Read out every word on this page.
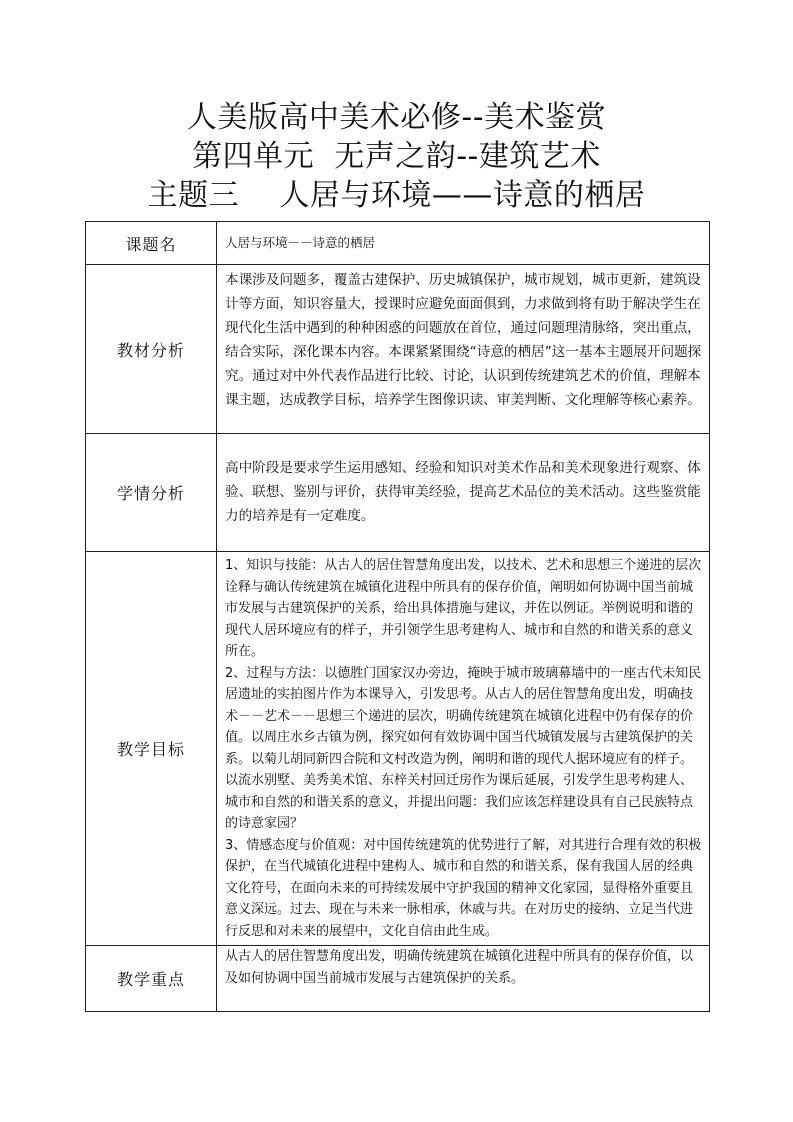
人美版高中美术必修--美术鉴赏
第四单元  无声之韵--建筑艺术
主题三    人居与环境——诗意的栖居
课题名	人居与环境－－诗意的栖居

教材分析	本课涉及问题多，覆盖古建保护、历史城镇保护，城市规划，城市更新，建筑设计等方面，知识容量大，授课时应避免面面俱到，力求做到将有助于解决学生在现代化生活中遇到的种种困惑的问题放在首位，通过问题理清脉络，突出重点，结合实际，深化课本内容。本课紧紧围绕“诗意的栖居”这一基本主题展开问题探究。通过对中外代表作品进行比较、讨论，认识到传统建筑艺术的价值，理解本课主题，达成教学目标，培养学生图像识读、审美判断、文化理解等核心素养。

学情分析	高中阶段是要求学生运用感知、经验和知识对美术作品和美术现象进行观察、体验、联想、鉴别与评价，获得审美经验，提高艺术品位的美术活动。这些鉴赏能力的培养是有一定难度。

教学目标	1、知识与技能：从古人的居住智慧角度出发，以技术、艺术和思想三个递进的层次诠释与确认传统建筑在城镇化进程中所具有的保存价值，阐明如何协调中国当前城市发展与古建筑保护的关系，给出具体措施与建议，并佐以例证。举例说明和谐的现代人居环境应有的样子，并引领学生思考建构人、城市和自然的和谐关系的意义所在。
2、过程与方法：以德胜门国家汉办旁边，掩映于城市玻璃幕墙中的一座古代未知民居遗址的实拍图片作为本课导入，引发思考。从古人的居住智慧角度出发，明确技术－－艺术－－思想三个递进的层次，明确传统建筑在城镇化进程中仍有保存的价值。以周庄水乡古镇为例，探究如何有效协调中国当代城镇发展与古建筑保护的关系。以菊儿胡同新四合院和文村改造为例，阐明和谐的现代人据环境应有的样子。以流水别墅、美秀美术馆、东梓关村回迁房作为课后延展，引发学生思考构建人、城市和自然的和谐关系的意义，并提出问题：我们应该怎样建设具有自己民族特点的诗意家园？
3、情感态度与价值观：对中国传统建筑的优势进行了解，对其进行合理有效的积极保护，在当代城镇化进程中建构人、城市和自然的和谐关系，保有我国人居的经典文化符号，在面向未来的可持续发展中守护我国的精神文化家园，显得格外重要且意义深远。过去、现在与未来一脉相承，休戚与共。在对历史的接纳、立足当代进行反思和对未来的展望中，文化自信由此生成。

教学重点	从古人的居住智慧角度出发，明确传统建筑在城镇化进程中所具有的保存价值，以及如何协调中国当前城市发展与古建筑保护的关系。
